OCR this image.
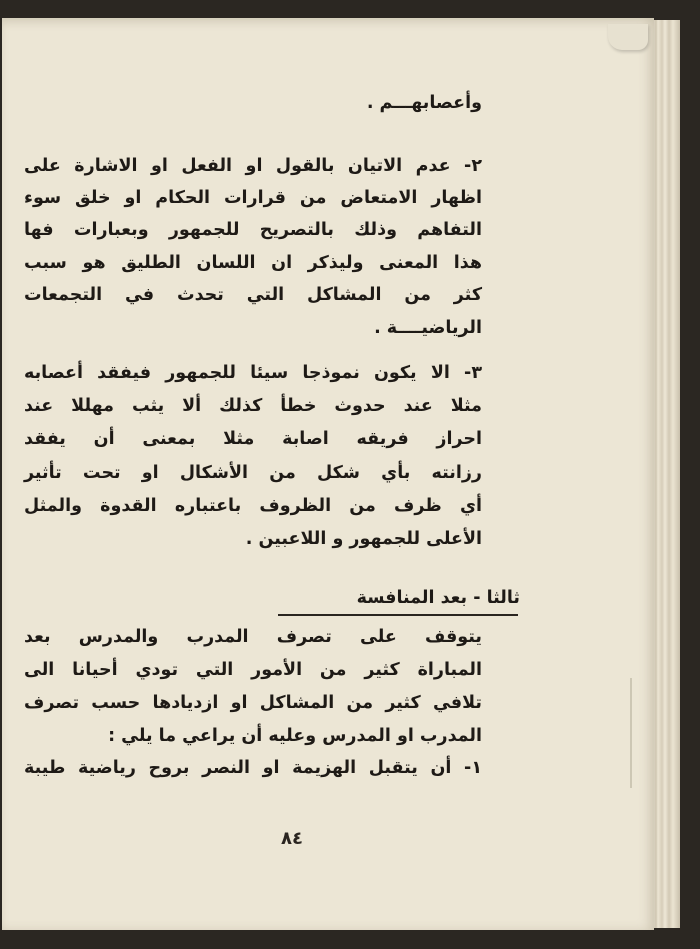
وأعصابهـــم .
٢- عدم الاتيان بالقول او الفعل او الاشارة على
اظهار الامتعاض من قرارات الحكام او خلق سوء
التفاهم وذلك بالتصريح للجمهور وبعبارات فها
هذا المعنى وليذكر ان اللسان الطليق هو سبب
كثر من المشاكل التي تحدث في التجمعات
الرياضيــــة .
٣- الا يكون نموذجا سيئا للجمهور فيفقد أعصابه
مثلا عند حدوث خطأ كذلك ألا يثب مهللا عند
احراز فريقه اصابة مثلا بمعنى أن يفقد
رزانته بأي شكل من الأشكال او تحت تأثير
أي ظرف من الظروف باعتباره القدوة والمثل
الأعلى للجمهور و اللاعبين .
ثالثا - بعد المنافسة
يتوقف على تصرف المدرب والمدرس بعد
المباراة كثير من الأمور التي تودي أحيانا الى
تلافي كثير من المشاكل او ازديادها حسب تصرف
المدرب او المدرس وعليه أن يراعي ما يلي :
١- أن يتقبل الهزيمة او النصر بروح رياضية طيبة
٨٤
